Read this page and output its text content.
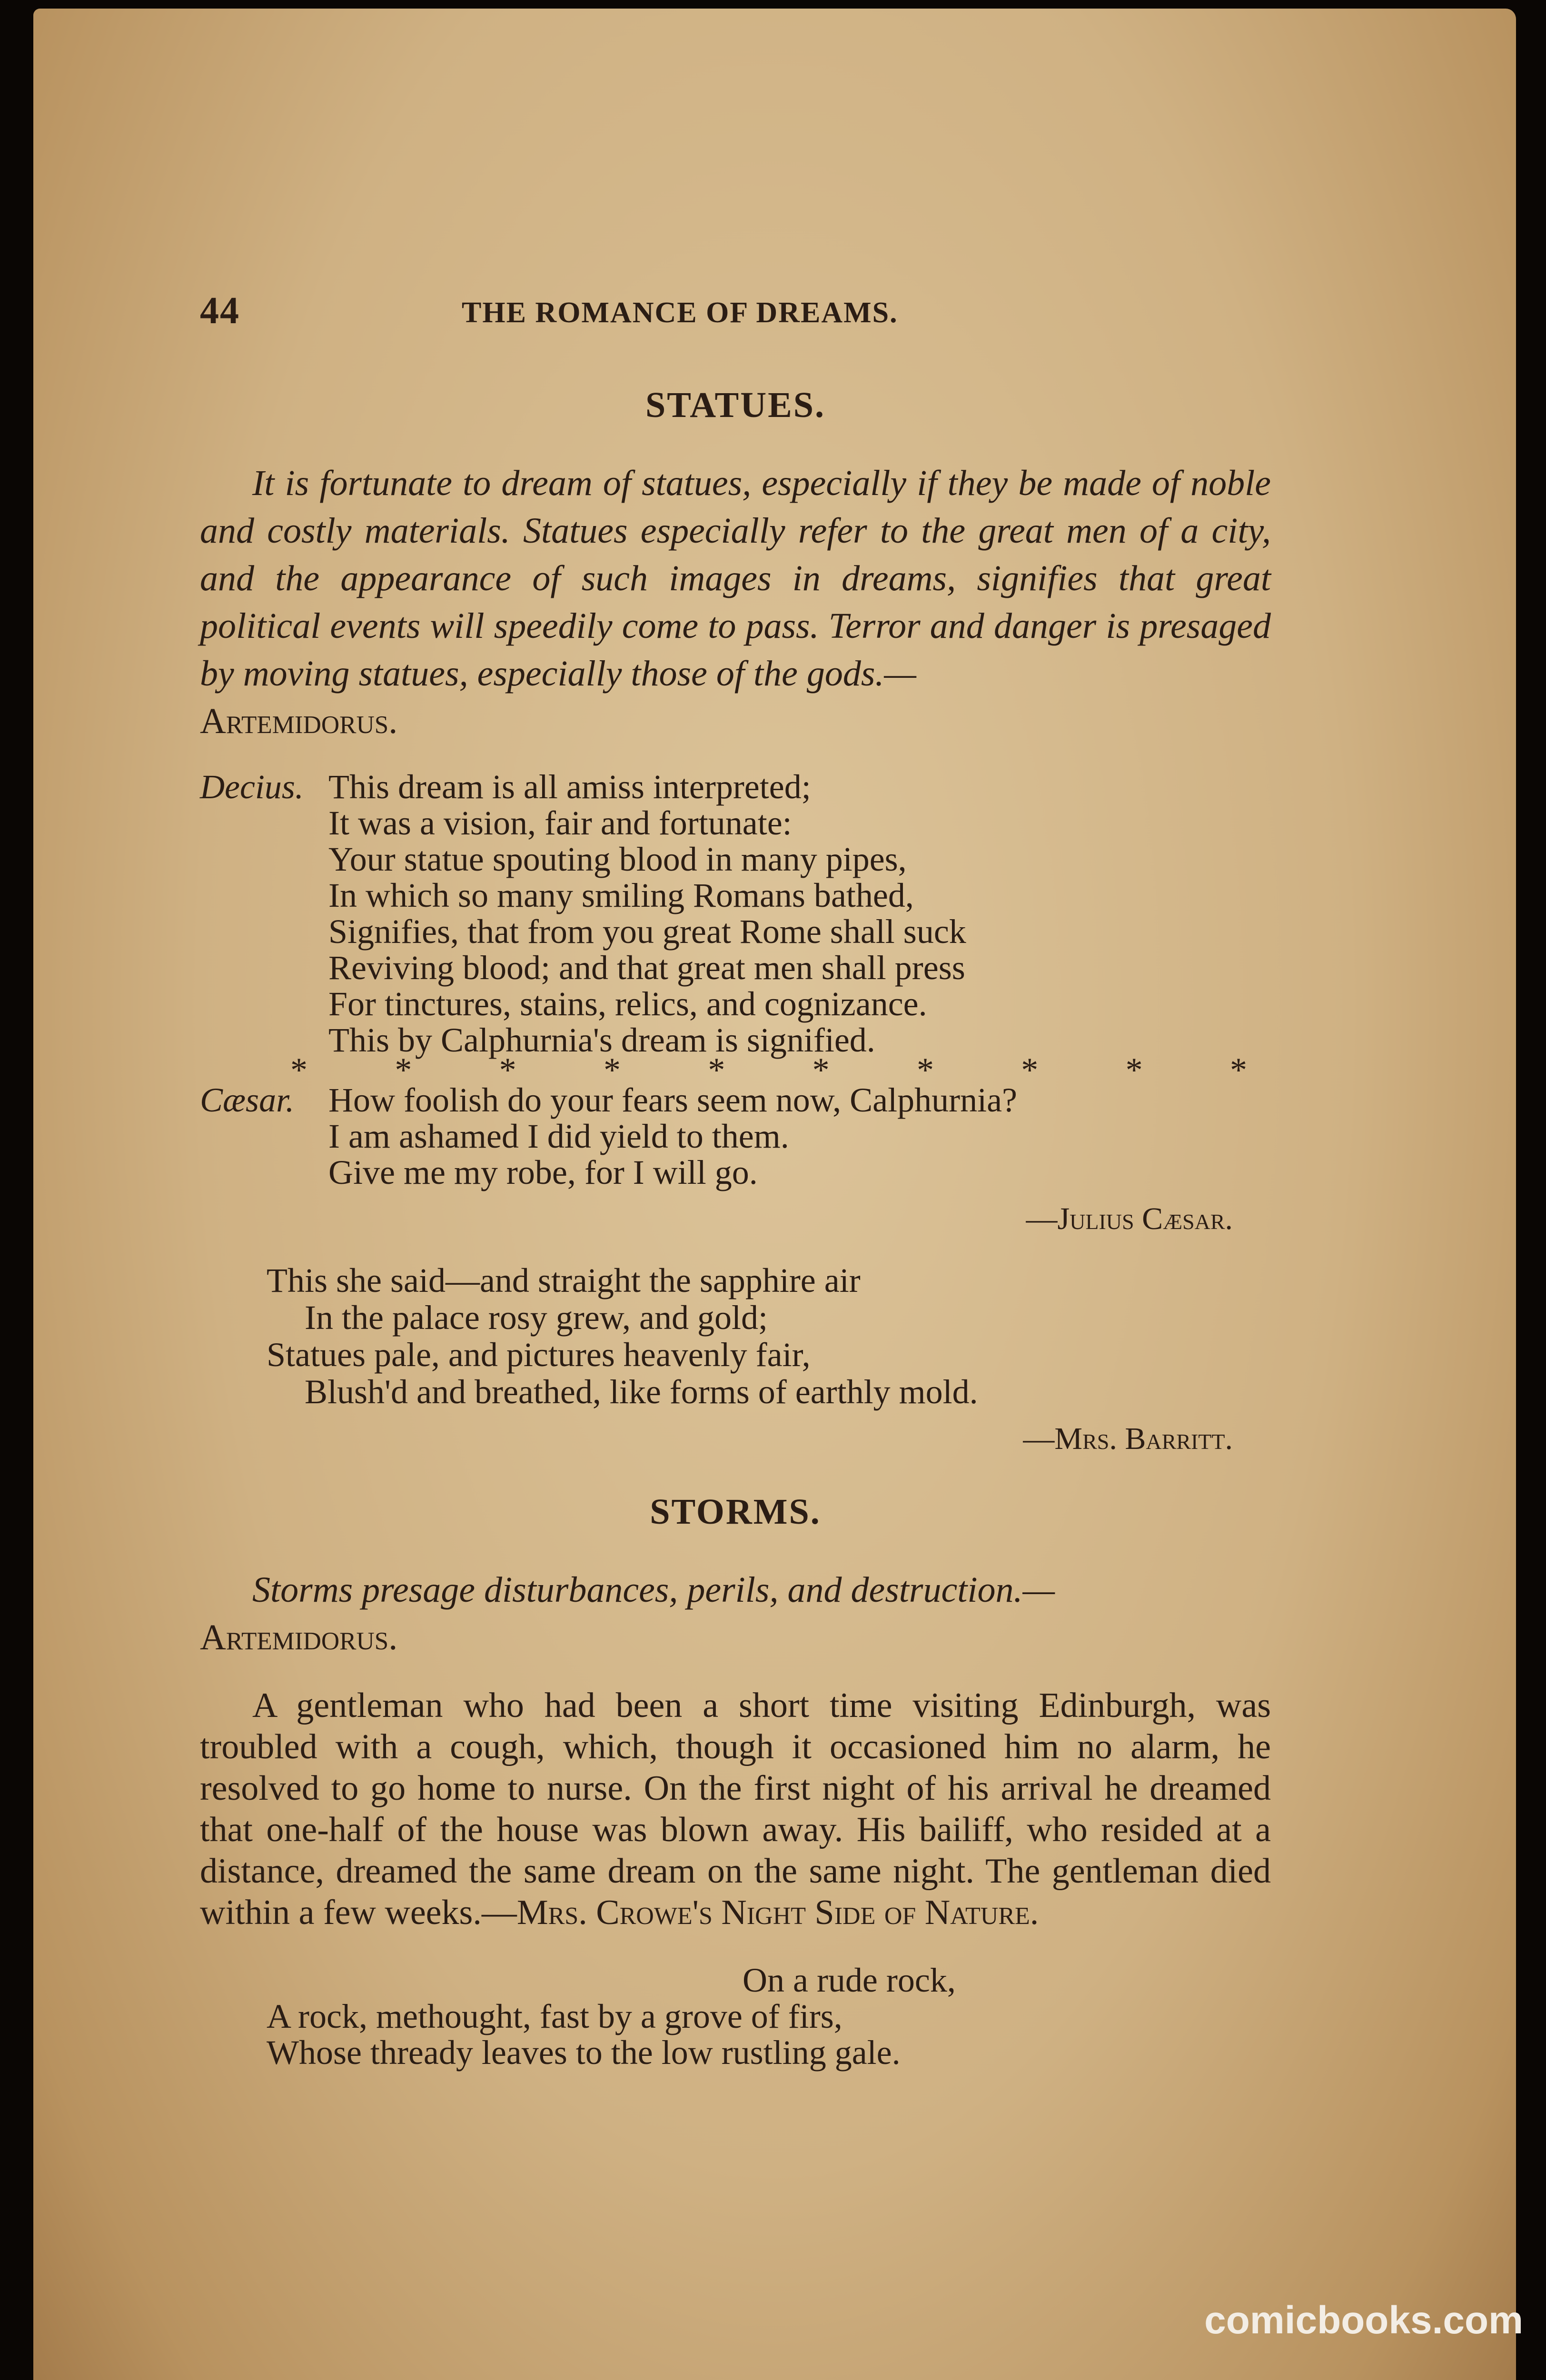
44	THE ROMANCE OF DREAMS.
STATUES.

It is fortunate to dream of statues, especially if they be made of noble and costly materials. Statues especially refer to the great men of a city, and the appearance of such images in dreams, signifies that great political events will speedily come to pass. Terror and danger is presaged by moving statues, especially those of the gods.—

Artemidorus.

Decius. This dream is all amiss interpreted;
It was a vision, fair and fortunate:
Your statue spouting blood in many pipes,
In which so many smiling Romans bathed,
Signifies, that from you great Rome shall suck
Reviving blood; and that great men shall press
For tinctures, stains, relics, and cognizance.
This by Calphurnia's dream is signified.
*	*	*	*	*	*	*	*	*	*
Cæsar. How foolish do your fears seem now, Calphurnia?
I am ashamed I did yield to them.
Give me my robe, for I will go.
—Julius Cæsar.
This she said—and straight the sapphire air
In the palace rosy grew, and gold;
Statues pale, and pictures heavenly fair,
Blush'd and breathed, like forms of earthly mold.
—Mrs. Barritt.
STORMS.

Storms presage disturbances, perils, and destruction.—

Artemidorus.

A gentleman who had been a short time visiting Edinburgh, was troubled with a cough, which, though it occasioned him no alarm, he resolved to go home to nurse. On the first night of his arrival he dreamed that one-half of the house was blown away. His bailiff, who resided at a distance, dreamed the same dream on the same night. The gentleman died within a few weeks.—Mrs. Crowe's Night Side of Nature.

On a rude rock,
A rock, methought, fast by a grove of firs,
Whose thready leaves to the low rustling gale.
comicbooks.com
